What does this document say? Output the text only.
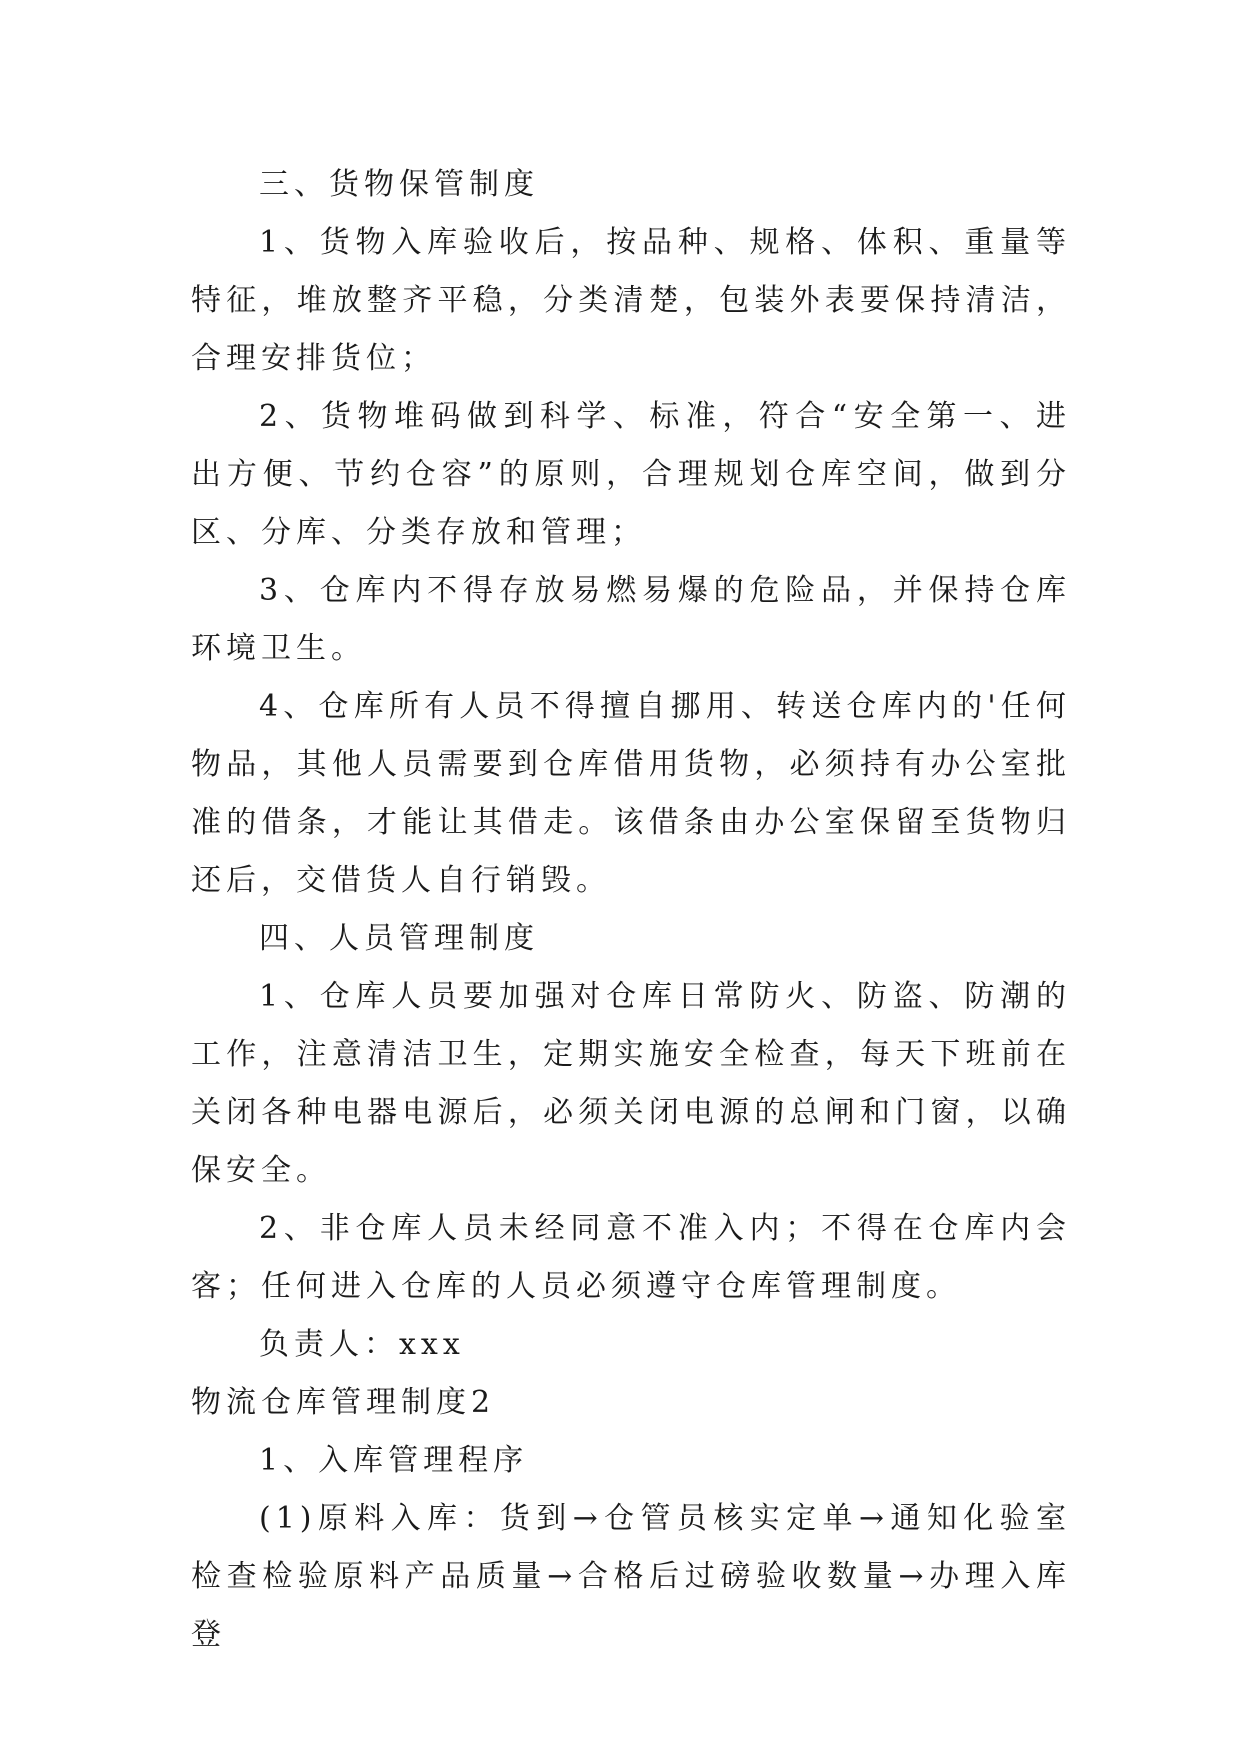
三、货物保管制度

1、货物入库验收后，按品种、规格、体积、重量等特征，堆放整齐平稳，分类清楚，包装外表要保持清洁，合理安排货位；

2、货物堆码做到科学、标准，符合“安全第一、进出方便、节约仓容”的原则，合理规划仓库空间，做到分区、分库、分类存放和管理；

3、仓库内不得存放易燃易爆的危险品，并保持仓库环境卫生。

4、仓库所有人员不得擅自挪用、转送仓库内的'任何物品，其他人员需要到仓库借用货物，必须持有办公室批准的借条，才能让其借走。该借条由办公室保留至货物归还后，交借货人自行销毁。

四、人员管理制度

1、仓库人员要加强对仓库日常防火、防盗、防潮的工作，注意清洁卫生，定期实施安全检查，每天下班前在关闭各种电器电源后，必须关闭电源的总闸和门窗，以确保安全。

2、非仓库人员未经同意不准入内；不得在仓库内会客；任何进入仓库的人员必须遵守仓库管理制度。

负责人：xxx

物流仓库管理制度2

1、入库管理程序

(1)原料入库：货到→仓管员核实定单→通知化验室检查检验原料产品质量→合格后过磅验收数量→办理入库登
